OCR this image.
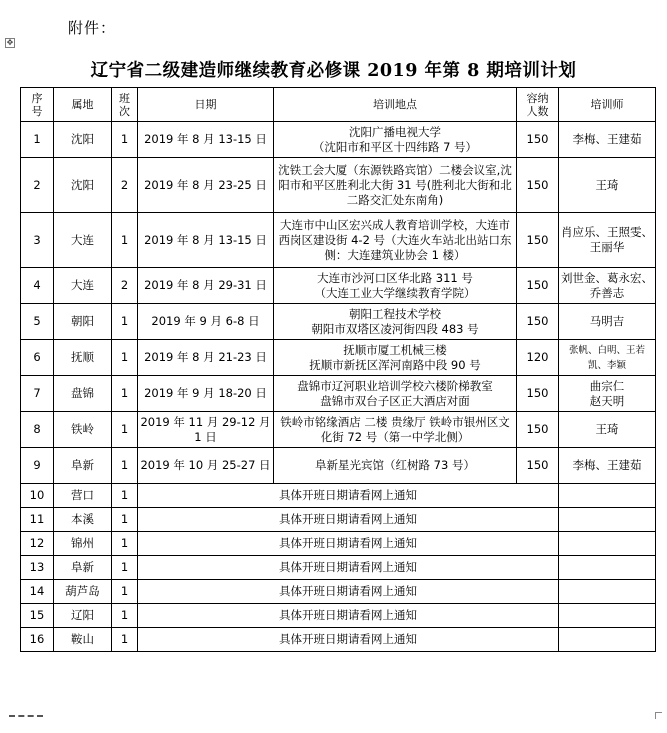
附件：
✥
辽宁省二级建造师继续教育必修课 2019 年第 8 期培训计划
序号	属地	班次	日期	培训地点	容纳人数	培训师
1	沈阳	1	2019 年 8 月 13-15 日	沈阳广播电视大学
（沈阳市和平区十四纬路 7 号）	150	李梅、王建茹
2	沈阳	2	2019 年 8 月 23-25 日	沈铁工会大厦（东源铁路宾馆）二楼会议室,沈阳市和平区胜利北大街 31 号(胜利北大街和北二路交汇处东南角)	150	王琦
3	大连	1	2019 年 8 月 13-15 日	大连市中山区宏兴成人教育培训学校，大连市西岗区建设街 4-2 号（大连火车站北出站口东侧：大连建筑业协会 1 楼）	150	肖应乐、王照雯、王丽华
4	大连	2	2019 年 8 月 29-31 日	大连市沙河口区华北路 311 号
（大连工业大学继续教育学院）	150	刘世金、葛永宏、乔善志
5	朝阳	1	2019 年 9 月 6-8 日	朝阳工程技术学校
朝阳市双塔区凌河街四段 483 号	150	马明吉
6	抚顺	1	2019 年 8 月 21-23 日	抚顺市厦工机械三楼
抚顺市新抚区浑河南路中段 90 号	120	张帆、白明、王若凯、李颖
7	盘锦	1	2019 年 9 月 18-20 日	盘锦市辽河职业培训学校六楼阶梯教室
盘锦市双台子区正大酒店对面	150	曲宗仁
赵天明
8	铁岭	1	2019 年 11 月 29-12 月 1 日	铁岭市铭缘酒店 二楼 贵缘厅 铁岭市银州区文化街 72 号（第一中学北侧）	150	王琦
9	阜新	1	2019 年 10 月 25-27 日	阜新星光宾馆（红树路 73 号）	150	李梅、王建茹
10	营口	1	具体开班日期请看网上通知			
11	本溪	1	具体开班日期请看网上通知			
12	锦州	1	具体开班日期请看网上通知			
13	阜新	1	具体开班日期请看网上通知			
14	葫芦岛	1	具体开班日期请看网上通知			
15	辽阳	1	具体开班日期请看网上通知			
16	鞍山	1	具体开班日期请看网上通知			
